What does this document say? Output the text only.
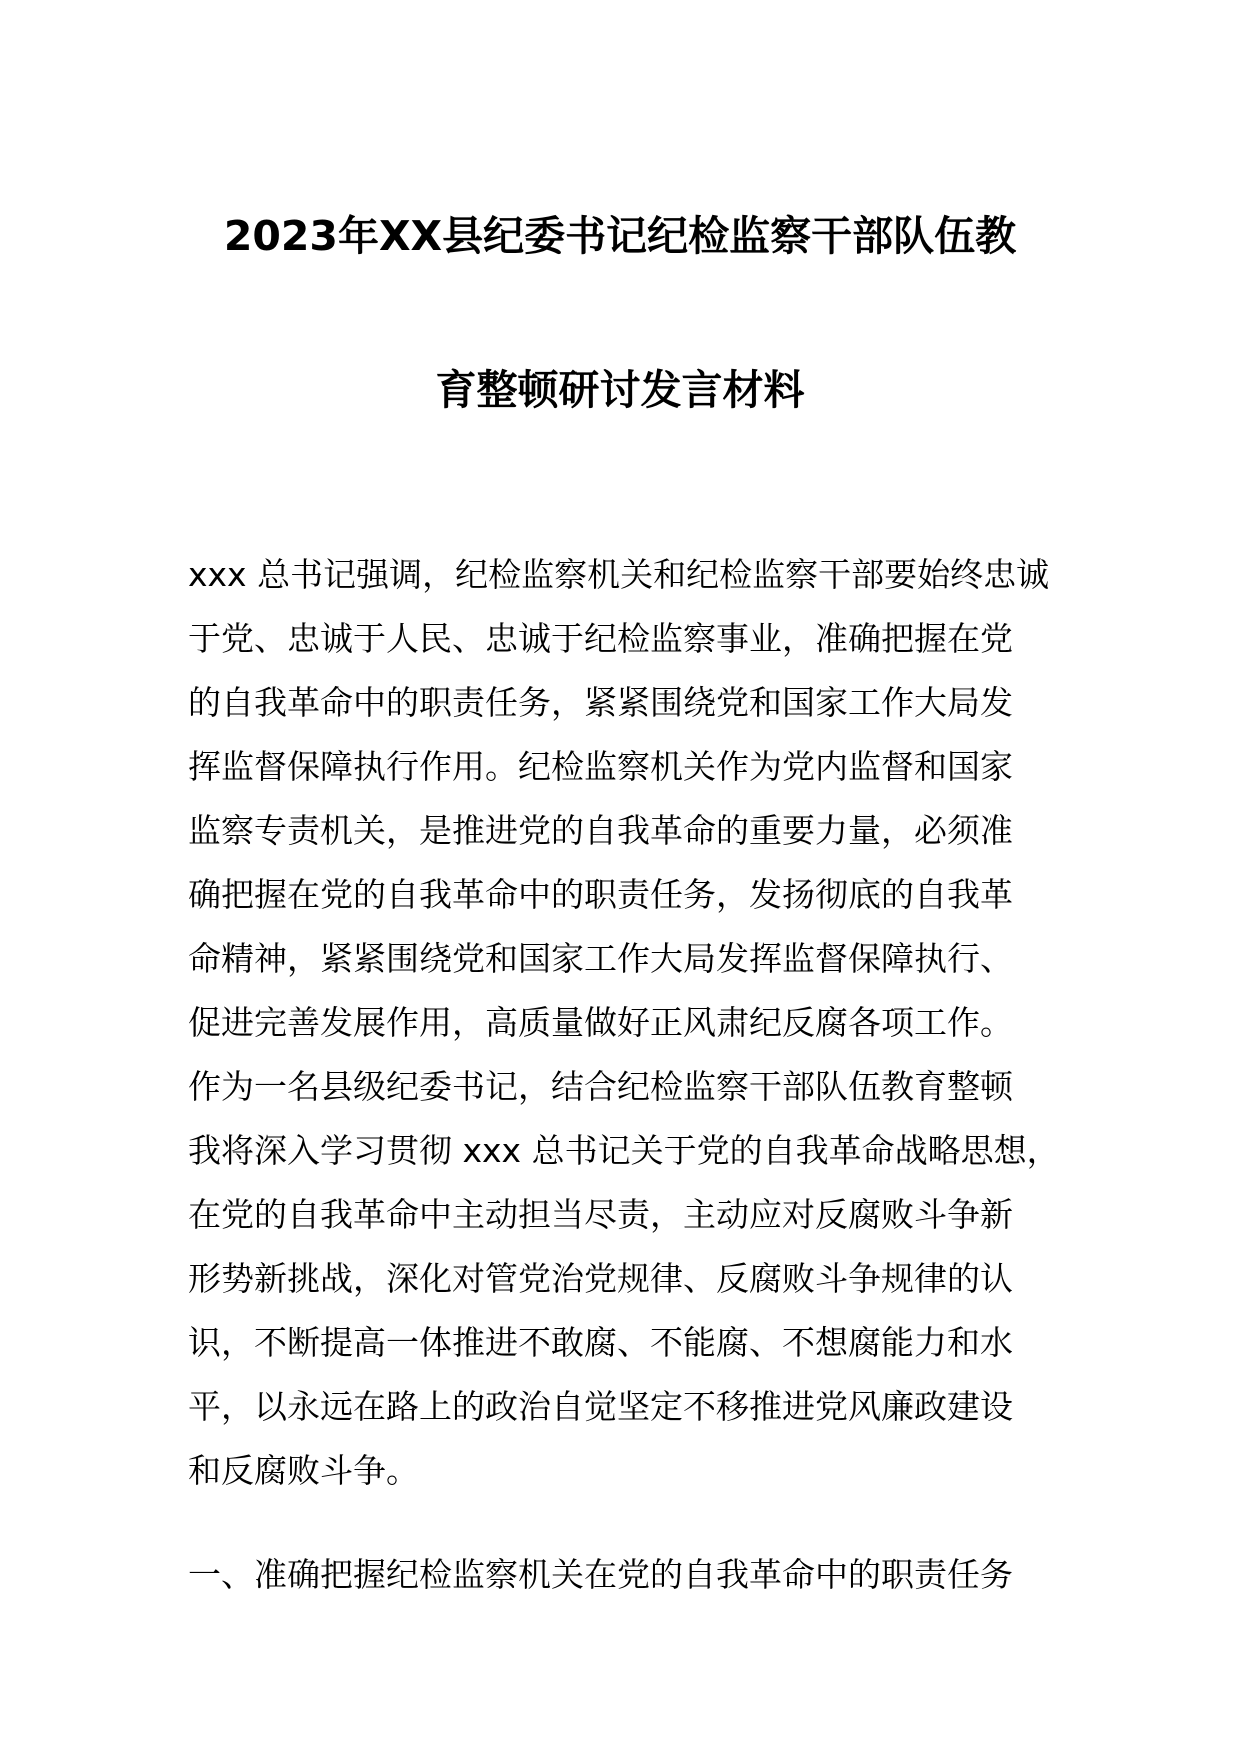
2023年XX县纪委书记纪检监察干部队伍教
育整顿研讨发言材料
xxx 总书记强调，纪检监察机关和纪检监察干部要始终忠诚
于党、忠诚于人民、忠诚于纪检监察事业，准确把握在党
的自我革命中的职责任务，紧紧围绕党和国家工作大局发
挥监督保障执行作用。纪检监察机关作为党内监督和国家
监察专责机关，是推进党的自我革命的重要力量，必须准
确把握在党的自我革命中的职责任务，发扬彻底的自我革
命精神，紧紧围绕党和国家工作大局发挥监督保障执行、
促进完善发展作用，高质量做好正风肃纪反腐各项工作。
作为一名县级纪委书记，结合纪检监察干部队伍教育整顿
我将深入学习贯彻 xxx 总书记关于党的自我革命战略思想，
在党的自我革命中主动担当尽责，主动应对反腐败斗争新
形势新挑战，深化对管党治党规律、反腐败斗争规律的认
识，不断提高一体推进不敢腐、不能腐、不想腐能力和水
平，以永远在路上的政治自觉坚定不移推进党风廉政建设
和反腐败斗争。
一、准确把握纪检监察机关在党的自我革命中的职责任务
